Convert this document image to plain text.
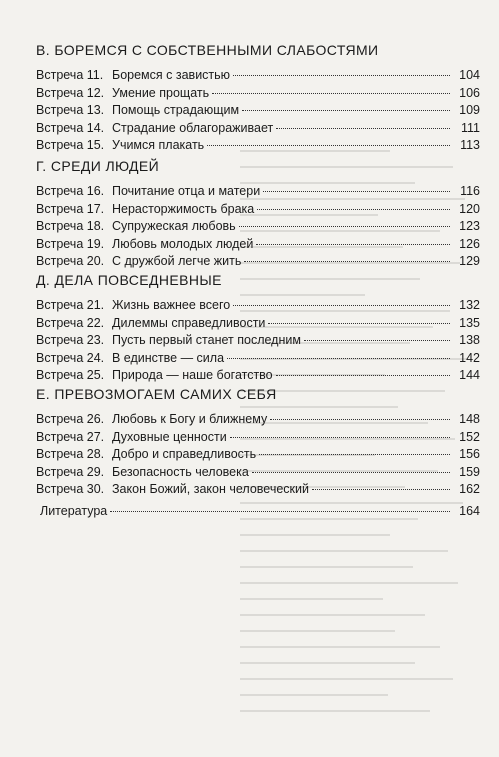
В. БОРЕМСЯ С СОБСТВЕННЫМИ СЛАБОСТЯМИ
Встреча 11. Боремся с завистью	104
Встреча 12. Умение прощать	106
Встреча 13. Помощь страдающим	109
Встреча 14. Страдание облагораживает	111
Встреча 15. Учимся плакать	113
Г. СРЕДИ ЛЮДЕЙ
Встреча 16. Почитание отца и матери	116
Встреча 17. Нерасторжимость брака	120
Встреча 18. Супружеская любовь	123
Встреча 19. Любовь молодых людей	126
Встреча 20. С дружбой легче жить	129
Д. ДЕЛА ПОВСЕДНЕВНЫЕ
Встреча 21. Жизнь важнее всего	132
Встреча 22. Дилеммы справедливости	135
Встреча 23. Пусть первый станет последним	138
Встреча 24. В единстве — сила	142
Встреча 25. Природа — наше богатство	144
Е. ПРЕВОЗМОГАЕМ САМИХ СЕБЯ
Встреча 26. Любовь к Богу и ближнему	148
Встреча 27. Духовные ценности	152
Встреча 28. Добро и справедливость	156
Встреча 29. Безопасность человека	159
Встреча 30. Закон Божий, закон человеческий	162
Литература	164
